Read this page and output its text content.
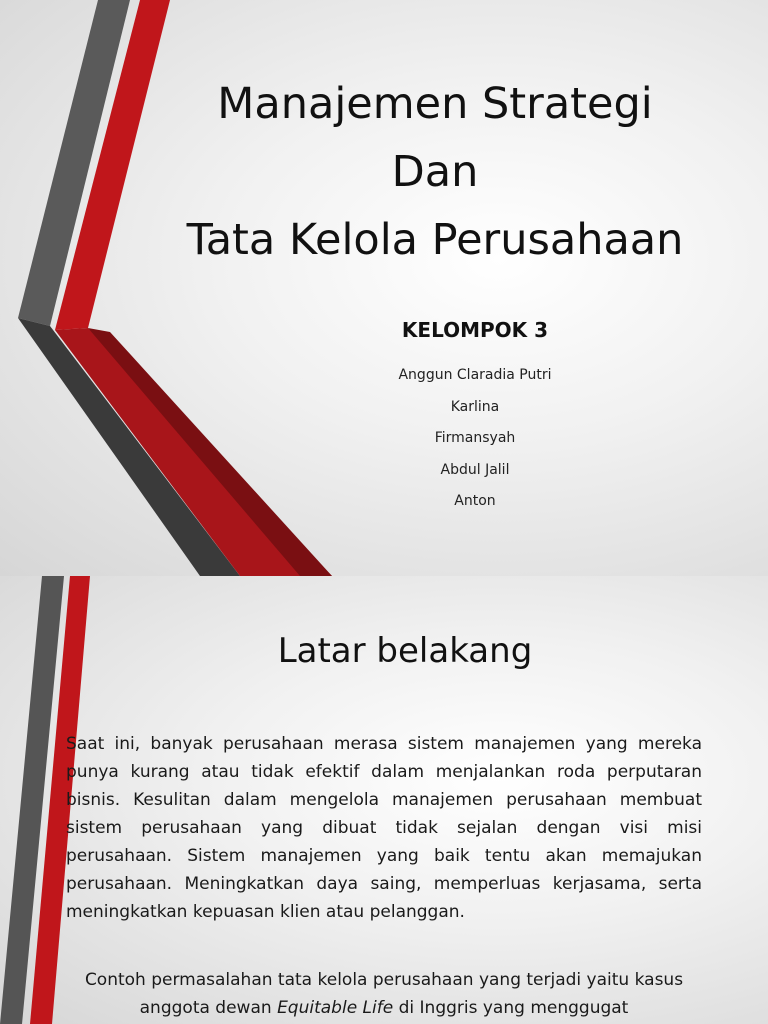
Manajemen Strategi
Dan
Tata Kelola Perusahaan
KELOMPOK 3
Anggun Claradia Putri
Karlina
Firmansyah
Abdul Jalil
Anton
Latar belakang

Saat ini, banyak perusahaan merasa sistem manajemen yang mereka punya kurang atau tidak efektif dalam menjalankan roda perputaran bisnis. Kesulitan dalam mengelola manajemen perusahaan membuat sistem perusahaan yang dibuat tidak sejalan dengan visi misi perusahaan. Sistem manajemen yang baik tentu akan memajukan perusahaan. Meningkatkan daya saing, memperluas kerjasama, serta meningkatkan kepuasan klien atau pelanggan.

Contoh permasalahan tata kelola perusahaan yang terjadi yaitu kasus anggota dewan Equitable Life di Inggris yang menggugat
